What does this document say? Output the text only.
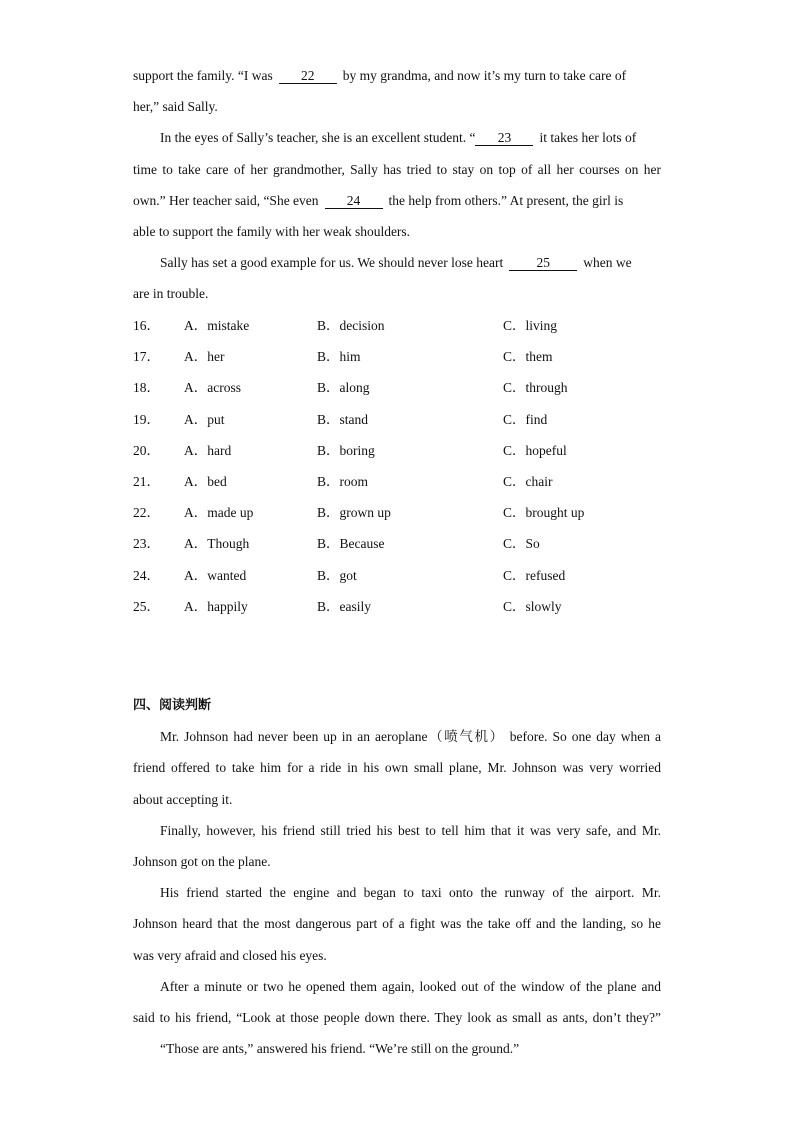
support the family. “I was 22 by my grandma, and now it’s my turn to take care of
her,” said Sally.
In the eyes of Sally’s teacher, she is an excellent student. “ 23 it takes her lots of
time to take care of her grandmother, Sally has tried to stay on top of all her courses on her
own.” Her teacher said, “She even 24 the help from others.” At present, the girl is
able to support the family with her weak shoulders.
Sally has set a good example for us. We should never lose heart 25 when we
are in trouble.
16． A．mistake	B．decision	C．living
17． A．her	B．him	C．them
18． A．across	B．along	C．through
19． A．put	B．stand	C．find
20． A．hard	B．boring	C．hopeful
21． A．bed	B．room	C．chair
22． A．made up	B．grown up	C．brought up
23． A．Though	B．Because	C．So
24． A．wanted	B．got	C．refused
25． A．happily	B．easily	C．slowly
四、阅读判断
Mr. Johnson had never been up in an aeroplane（喷气机） before. So one day when a
friend offered to take him for a ride in his own small plane, Mr. Johnson was very worried
about accepting it.
Finally, however, his friend still tried his best to tell him that it was very safe, and Mr.
Johnson got on the plane.
His friend started the engine and began to taxi onto the runway of the airport. Mr.
Johnson heard that the most dangerous part of a fight was the take off and the landing, so he
was very afraid and closed his eyes.
After a minute or two he opened them again, looked out of the window of the plane and
said to his friend, “Look at those people down there. They look as small as ants, don’t they?”
“Those are ants,” answered his friend. “We’re still on the ground.”
